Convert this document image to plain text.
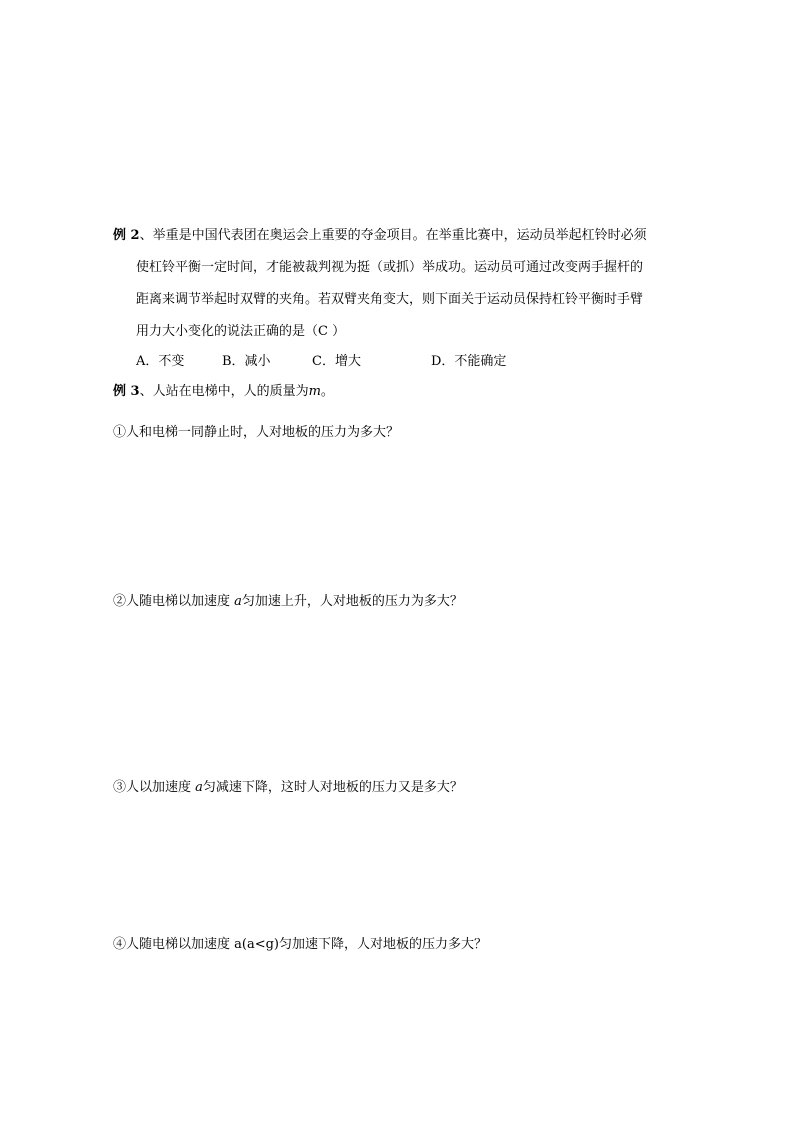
例 2、举重是中国代表团在奥运会上重要的夺金项目。在举重比赛中，运动员举起杠铃时必须
使杠铃平衡一定时间，才能被裁判视为挺（或抓）举成功。运动员可通过改变两手握杆的
距离来调节举起时双臂的夹角。若双臂夹角变大，则下面关于运动员保持杠铃平衡时手臂
用力大小变化的说法正确的是（C ）
A．不变	B．减小	C．增大	D．不能确定
例 3、人站在电梯中，人的质量为m。
①人和电梯一同静止时，人对地板的压力为多大？
②人随电梯以加速度 a匀加速上升，人对地板的压力为多大？
③人以加速度 a匀减速下降，这时人对地板的压力又是多大？
④人随电梯以加速度 a(a<g)匀加速下降，人对地板的压力多大？
